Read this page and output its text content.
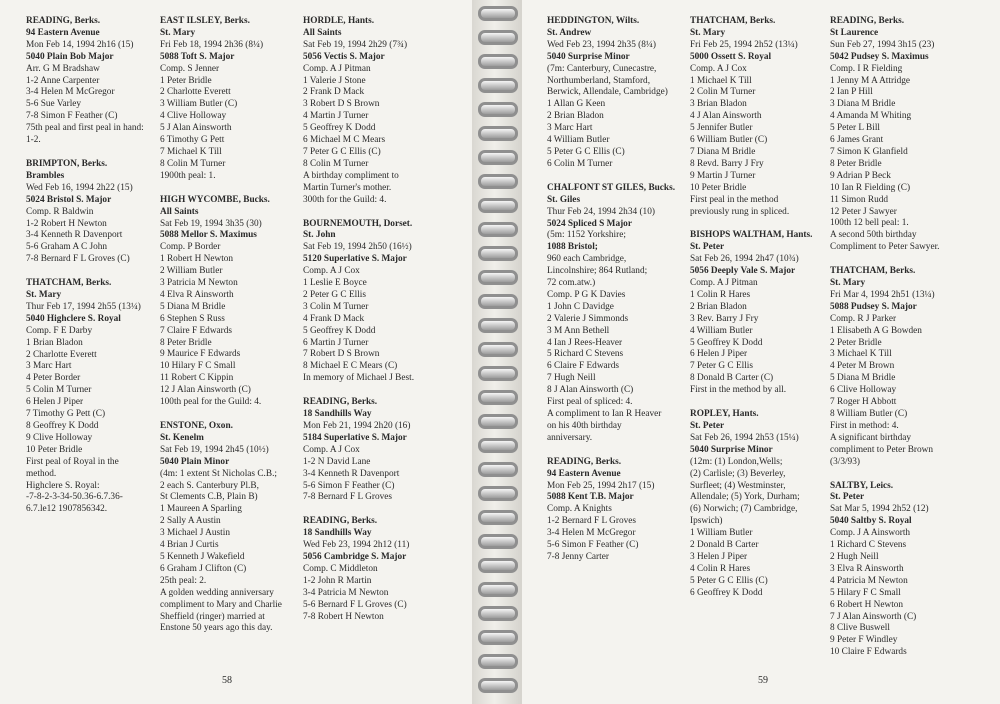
READING, Berks.
94 Eastern Avenue
Mon Feb 14, 1994 2h16 (15)
5040 Plain Bob Major
Arr. G M Bradshaw
1-2 Anne Carpenter
3-4 Helen M McGregor
5-6 Sue Varley
7-8 Simon F Feather (C)
75th peal and first peal in hand:
1-2.
BRIMPTON, Berks.
Brambles
Wed Feb 16, 1994 2h22 (15)
5024 Bristol S. Major
Comp. R Baldwin
1-2 Robert H Newton
3-4 Kenneth R Davenport
5-6 Graham A C John
7-8 Bernard F L Groves (C)
THATCHAM, Berks.
St. Mary
Thur Feb 17, 1994 2h55 (13¼)
5040 Highclere S. Royal
Comp. F E Darby
1 Brian Bladon
2 Charlotte Everett
3 Marc Hart
4 Peter Border
5 Colin M Turner
6 Helen J Piper
7 Timothy G Pett (C)
8 Geoffrey K Dodd
9 Clive Holloway
10 Peter Bridle
First peal of Royal in the
method.
Highclere S. Royal:
-7-8-2-3-34-50.36-6.7.36-
6.7.le12 1907856342.
EAST ILSLEY, Berks.
St. Mary
Fri Feb 18, 1994 2h36 (8¼)
5088 Toft S. Major
Comp. S Jenner
1 Peter Bridle
2 Charlotte Everett
3 William Butler (C)
4 Clive Holloway
5 J Alan Ainsworth
6 Timothy G Pett
7 Michael K Till
8 Colin M Turner
1900th peal: 1.
HIGH WYCOMBE, Bucks.
All Saints
Sat Feb 19, 1994 3h35 (30)
5088 Mellor S. Maximus
Comp. P Border
1 Robert H Newton
2 William Butler
3 Patricia M Newton
4 Elva R Ainsworth
5 Diana M Bridle
6 Stephen S Russ
7 Claire F Edwards
8 Peter Bridle
9 Maurice F Edwards
10 Hilary F C Small
11 Robert C Kippin
12 J Alan Ainsworth (C)
100th peal for the Guild: 4.
ENSTONE, Oxon.
St. Kenelm
Sat Feb 19, 1994 2h45 (10½)
5040 Plain Minor
(4m: 1 extent St Nicholas C.B.;
2 each S. Canterbury Pl.B,
St Clements C.B, Plain B)
1 Maureen A Sparling
2 Sally A Austin
3 Michael J Austin
4 Brian J Curtis
5 Kenneth J Wakefield
6 Graham J Clifton (C)
25th peal: 2.
A golden wedding anniversary
compliment to Mary and Charlie
Sheffield (ringer) married at
Enstone 50 years ago this day.
HORDLE, Hants.
All Saints
Sat Feb 19, 1994 2h29 (7¾)
5056 Vectis S. Major
Comp. A J Pitman
1 Valerie J Stone
2 Frank D Mack
3 Robert D S Brown
4 Martin J Turner
5 Geoffrey K Dodd
6 Michael M C Mears
7 Peter G C Ellis (C)
8 Colin M Turner
A birthday compliment to
Martin Turner's mother.
300th for the Guild: 4.
BOURNEMOUTH, Dorset.
St. John
Sat Feb 19, 1994 2h50 (16½)
5120 Superlative S. Major
Comp. A J Cox
1 Leslie E Boyce
2 Peter G C Ellis
3 Colin M Turner
4 Frank D Mack
5 Geoffrey K Dodd
6 Martin J Turner
7 Robert D S Brown
8 Michael E C Mears (C)
In memory of Michael J Best.
READING, Berks.
18 Sandhills Way
Mon Feb 21, 1994 2h20 (16)
5184 Superlative S. Major
Comp. A J Cox
1-2 N David Lane
3-4 Kenneth R Davenport
5-6 Simon F Feather (C)
7-8 Bernard F L Groves
READING, Berks.
18 Sandhills Way
Wed Feb 23, 1994 2h12 (11)
5056 Cambridge S. Major
Comp. C Middleton
1-2 John R Martin
3-4 Patricia M Newton
5-6 Bernard F L Groves (C)
7-8 Robert H Newton
58
HEDDINGTON, Wilts.
St. Andrew
Wed Feb 23, 1994 2h35 (8¼)
5040 Surprise Minor
(7m: Canterbury, Cunecastre,
Northumberland, Stamford,
Berwick, Allendale, Cambridge)
1 Allan G Keen
2 Brian Bladon
3 Marc Hart
4 William Butler
5 Peter G C Ellis (C)
6 Colin M Turner
CHALFONT ST GILES, Bucks.
St. Giles
Thur Feb 24, 1994 2h34 (10)
5024 Spliced S Major
(5m: 1152 Yorkshire;
1088 Bristol;
960 each Cambridge,
Lincolnshire; 864 Rutland;
72 com.atw.)
Comp. P G K Davies
1 John C Davidge
2 Valerie J Simmonds
3 M Ann Bethell
4 Ian J Rees-Heaver
5 Richard C Stevens
6 Claire F Edwards
7 Hugh Neill
8 J Alan Ainsworth (C)
First peal of spliced: 4.
A compliment to Ian R Heaver
on his 40th birthday
anniversary.
READING, Berks.
94 Eastern Avenue
Mon Feb 25, 1994 2h17 (15)
5088 Kent T.B. Major
Comp. A Knights
1-2 Bernard F L Groves
3-4 Helen M McGregor
5-6 Simon F Feather (C)
7-8 Jenny Carter
THATCHAM, Berks.
St. Mary
Fri Feb 25, 1994 2h52 (13¼)
5000 Ossett S. Royal
Comp. A J Cox
1 Michael K Till
2 Colin M Turner
3 Brian Bladon
4 J Alan Ainsworth
5 Jennifer Butler
6 William Butler (C)
7 Diana M Bridle
8 Revd. Barry J Fry
9 Martin J Turner
10 Peter Bridle
First peal in the method
previously rung in spliced.
BISHOPS WALTHAM, Hants.
St. Peter
Sat Feb 26, 1994 2h47 (10¾)
5056 Deeply Vale S. Major
Comp. A J Pitman
1 Colin R Hares
2 Brian Bladon
3 Rev. Barry J Fry
4 William Butler
5 Geoffrey K Dodd
6 Helen J Piper
7 Peter G C Ellis
8 Donald B Carter (C)
First in the method by all.
ROPLEY, Hants.
St. Peter
Sat Feb 26, 1994 2h53 (15¼)
5040 Surprise Minor
(12m: (1) London,Wells;
(2) Carlisle; (3) Beverley,
Surfleet; (4) Westminster,
Allendale; (5) York, Durham;
(6) Norwich; (7) Cambridge,
Ipswich)
1 William Butler
2 Donald B Carter
3 Helen J Piper
4 Colin R Hares
5 Peter G C Ellis (C)
6 Geoffrey K Dodd
READING, Berks.
St Laurence
Sun Feb 27, 1994 3h15 (23)
5042 Pudsey S. Maximus
Comp. I R Fielding
1 Jenny M A Attridge
2 Ian P Hill
3 Diana M Bridle
4 Amanda M Whiting
5 Peter L Bill
6 James Grant
7 Simon K Glanfield
8 Peter Bridle
9 Adrian P Beck
10 Ian R Fielding (C)
11 Simon Rudd
12 Peter J Sawyer
100th 12 bell peal: 1.
A second 50th birthday
Compliment to Peter Sawyer.
THATCHAM, Berks.
St. Mary
Fri Mar 4, 1994 2h51 (13¼)
5088 Pudsey S. Major
Comp. R J Parker
1 Elisabeth A G Bowden
2 Peter Bridle
3 Michael K Till
4 Peter M Brown
5 Diana M Bridle
6 Clive Holloway
7 Roger H Abbott
8 William Butler (C)
First in method: 4.
A significant birthday
compliment to Peter Brown
(3/3/93)
SALTBY, Leics.
St. Peter
Sat Mar 5, 1994 2h52 (12)
5040 Saltby S. Royal
Comp. J A Ainsworth
1 Richard C Stevens
2 Hugh Neill
3 Elva R Ainsworth
4 Patricia M Newton
5 Hilary F C Small
6 Robert H Newton
7 J Alan Ainsworth (C)
8 Clive Buswell
9 Peter F Windley
10 Claire F Edwards
59
